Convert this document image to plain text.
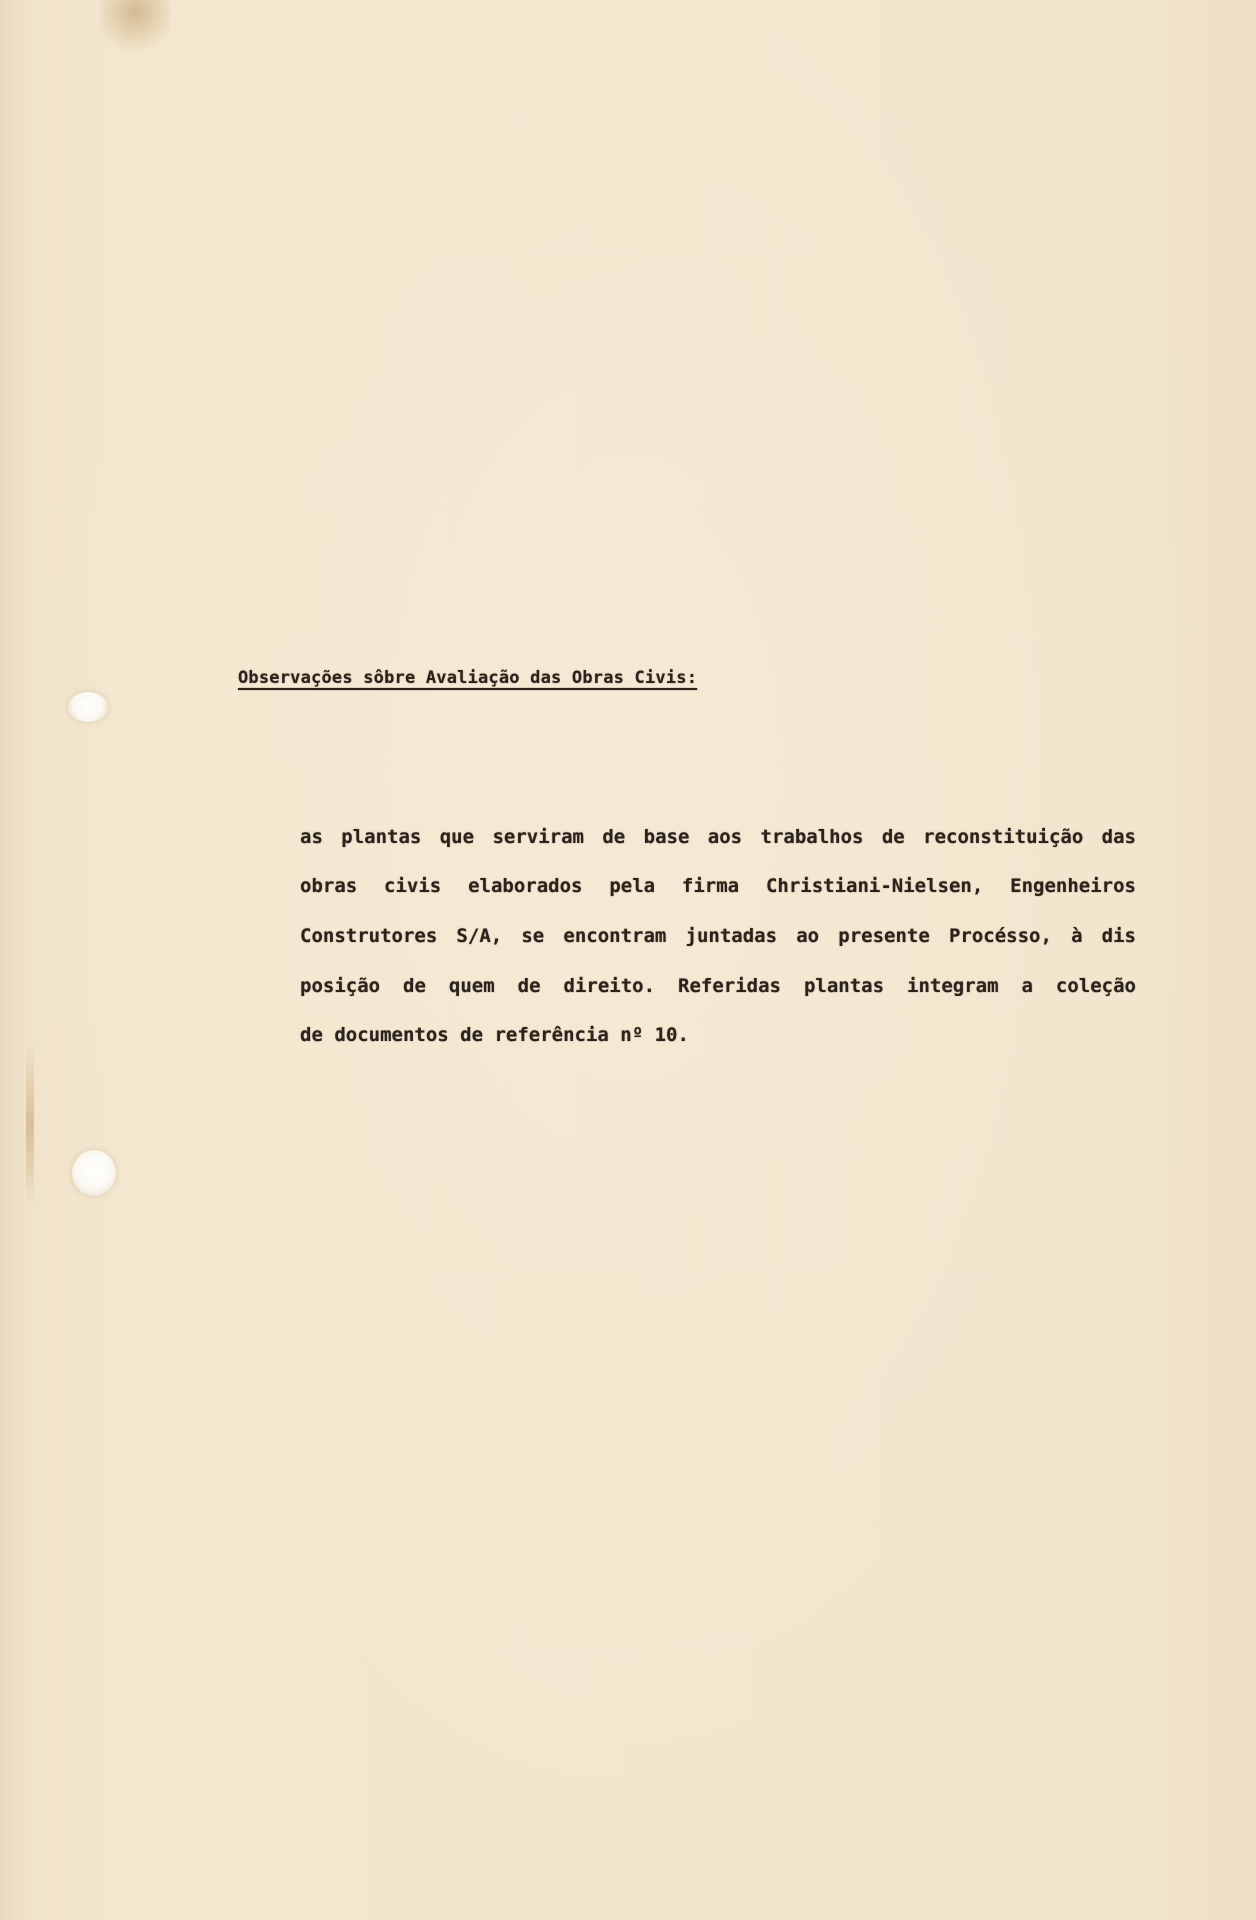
Observações sôbre Avaliação das Obras Civis:
as plantas que serviram de base aos trabalhos de reconstituição das
obras civis elaborados pela firma Christiani-Nielsen, Engenheiros
Construtores S/A, se encontram juntadas ao presente Procésso, à dis
posição de quem de direito. Referidas plantas integram a coleção
de documentos de referência nº 10.
